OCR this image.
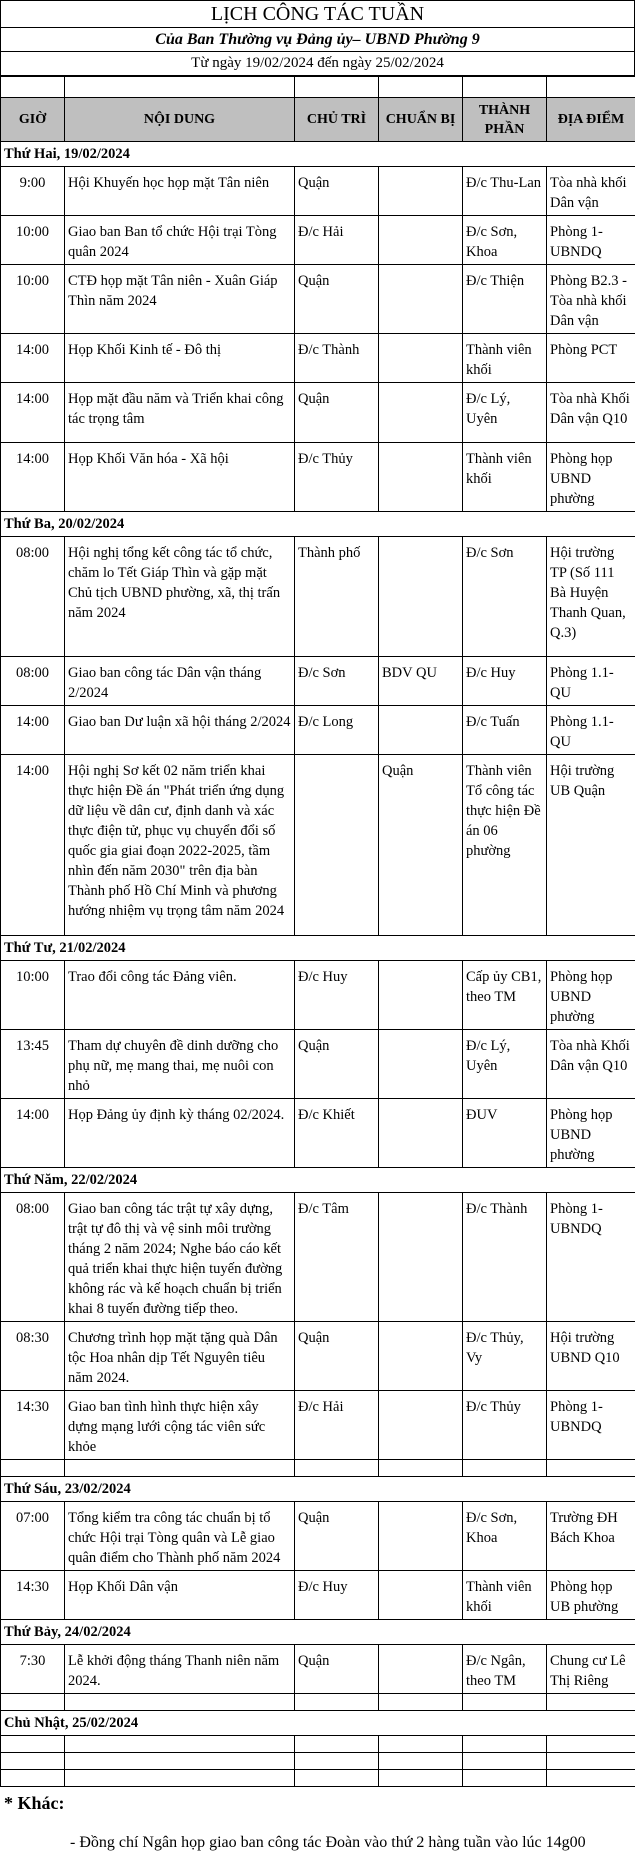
LỊCH CÔNG TÁC TUẦN
Của Ban Thường vụ Đảng ủy– UBND Phường 9
Từ ngày 19/02/2024 đến ngày 25/02/2024

GIỜ	NỘI DUNG	CHỦ TRÌ	CHUẨN BỊ	THÀNH PHẦN	ĐỊA ĐIỂM
Thứ Hai, 19/02/2024					
9:00	Hội Khuyến học họp mặt Tân niên	Quận		Đ/c Thu-Lan	Tòa nhà khối Dân vận
10:00	Giao ban Ban tổ chức Hội trại Tòng quân 2024	Đ/c Hải		Đ/c Sơn, Khoa	Phòng 1-UBNDQ
10:00	CTĐ họp mặt Tân niên - Xuân Giáp Thìn năm 2024	Quận		Đ/c Thiện	Phòng B2.3 - Tòa nhà khối Dân vận
14:00	Họp Khối Kinh tế - Đô thị	Đ/c Thành		Thành viên khối	Phòng PCT
14:00	Họp mặt đầu năm và Triển khai công tác trọng tâm	Quận		Đ/c Lý, Uyên	Tòa nhà Khối Dân vận Q10
14:00	Họp Khối Văn hóa - Xã hội	Đ/c Thủy		Thành viên khối	Phòng họp UBND phường
Thứ Ba, 20/02/2024					
08:00	Hội nghị tổng kết công tác tổ chức, chăm lo Tết Giáp Thìn và gặp mặt Chủ tịch UBND phường, xã, thị trấn năm 2024	Thành phố		Đ/c Sơn	Hội trường TP (Số 111 Bà Huyện Thanh Quan, Q.3)
08:00	Giao ban công tác Dân vận tháng 2/2024	Đ/c Sơn	BDV QU	Đ/c Huy	Phòng 1.1-QU
14:00	Giao ban Dư luận xã hội tháng 2/2024	Đ/c Long		Đ/c Tuấn	Phòng 1.1-QU
14:00	Hội nghị Sơ kết 02 năm triển khai thực hiện Đề án "Phát triển ứng dụng dữ liệu về dân cư, định danh và xác thực điện tử, phục vụ chuyển đổi số quốc gia giai đoạn 2022-2025, tầm nhìn đến năm 2030" trên địa bàn Thành phố Hồ Chí Minh và phương hướng nhiệm vụ trọng tâm năm 2024		Quận	Thành viên Tổ công tác thực hiện Đề án 06 phường	Hội trường UB Quận
Thứ Tư, 21/02/2024					
10:00	Trao đổi công tác Đảng viên.	Đ/c Huy		Cấp ủy CB1, theo TM	Phòng họp UBND phường
13:45	Tham dự chuyên đề dinh dưỡng cho phụ nữ, mẹ mang thai, mẹ nuôi con nhỏ	Quận		Đ/c Lý, Uyên	Tòa nhà Khối Dân vận Q10
14:00	Họp Đảng ủy định kỳ tháng 02/2024.	Đ/c Khiết		ĐUV	Phòng họp UBND phường
Thứ Năm, 22/02/2024					
08:00	Giao ban công tác trật tự xây dựng, trật tự đô thị và vệ sinh môi trường tháng 2 năm 2024; Nghe báo cáo kết quả triển khai thực hiện tuyến đường không rác và kế hoạch chuẩn bị triển khai 8 tuyến đường tiếp theo.	Đ/c Tâm		Đ/c Thành	Phòng 1-UBNDQ
08:30	Chương trình họp mặt tặng quà Dân tộc Hoa nhân dịp Tết Nguyên tiêu năm 2024.	Quận		Đ/c Thủy, Vy	Hội trường UBND Q10
14:30	Giao ban tình hình thực hiện xây dựng mạng lưới cộng tác viên sức khỏe	Đ/c Hải		Đ/c Thủy	Phòng 1-UBNDQ

Thứ Sáu, 23/02/2024					
07:00	Tổng kiểm tra công tác chuẩn bị tổ chức Hội trại Tòng quân và Lễ giao quân điểm cho Thành phố năm 2024	Quận		Đ/c Sơn, Khoa	Trường ĐH Bách Khoa
14:30	Họp Khối Dân vận	Đ/c Huy		Thành viên khối	Phòng họp UB phường
Thứ Bảy, 24/02/2024					
7:30	Lễ khởi động tháng Thanh niên năm 2024.	Quận		Đ/c Ngân, theo TM	Chung cư Lê Thị Riêng

Chủ Nhật, 25/02/2024					

* Khác:
- Đồng chí Ngân họp giao ban công tác Đoàn vào thứ 2 hàng tuần vào lúc 14g00
